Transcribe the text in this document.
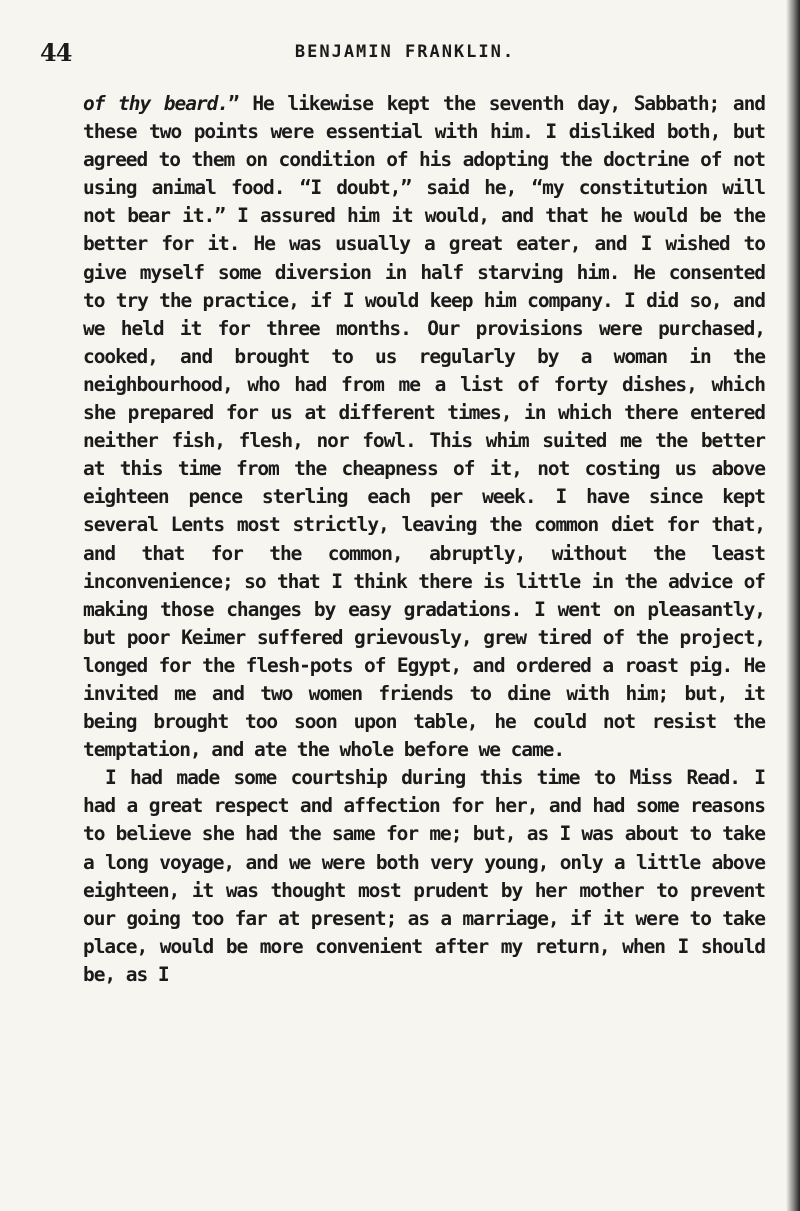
44	BENJAMIN FRANKLIN.

of thy beard.” He likewise kept the seventh day, Sabbath; and these two points were essential with him. I disliked both, but agreed to them on condition of his adopting the doctrine of not using animal food. “I doubt,” said he, “my constitution will not bear it.” I assured him it would, and that he would be the better for it. He was usually a great eater, and I wished to give myself some diversion in half starving him. He consented to try the practice, if I would keep him company. I did so, and we held it for three months. Our provisions were purchased, cooked, and brought to us regularly by a woman in the neighbourhood, who had from me a list of forty dishes, which she prepared for us at different times, in which there entered neither fish, flesh, nor fowl. This whim suited me the better at this time from the cheapness of it, not costing us above eighteen pence sterling each per week. I have since kept several Lents most strictly, leaving the common diet for that, and that for the common, abruptly, without the least inconvenience; so that I think there is little in the advice of making those changes by easy gradations. I went on pleasantly, but poor Keimer suffered grievously, grew tired of the project, longed for the flesh-pots of Egypt, and ordered a roast pig. He invited me and two women friends to dine with him; but, it being brought too soon upon table, he could not resist the temptation, and ate the whole before we came.

I had made some courtship during this time to Miss Read. I had a great respect and affection for her, and had some reasons to believe she had the same for me; but, as I was about to take a long voyage, and we were both very young, only a little above eighteen, it was thought most prudent by her mother to prevent our going too far at present; as a marriage, if it were to take place, would be more convenient after my return, when I should be, as I
